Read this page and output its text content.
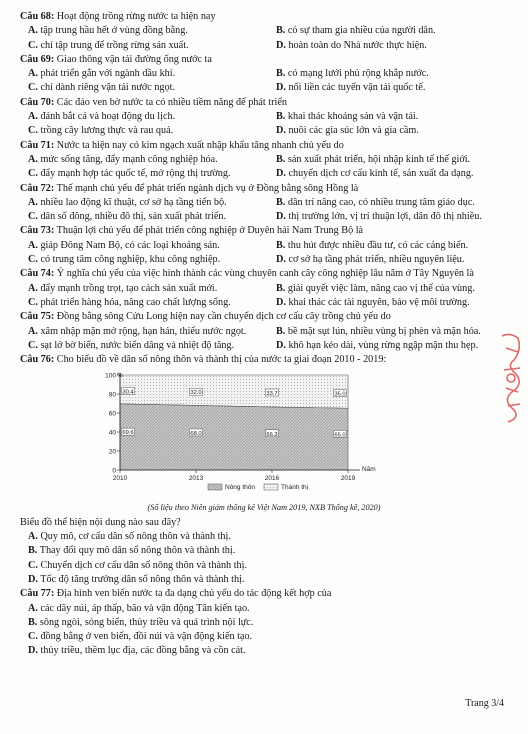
Câu 68: Hoạt động trồng rừng nước ta hiện nay

A. tập trung hầu hết ở vùng đồng bằng.	B. có sự tham gia nhiều của người dân.
C. chỉ tập trung để trồng rừng sản xuất.	D. hoàn toàn do Nhà nước thực hiện.

Câu 69: Giao thông vận tải đường ống nước ta

A. phát triển gắn với ngành dầu khí.	B. có mạng lưới phủ rộng khắp nước.
C. chỉ dành riêng vận tải nước ngọt.	D. nối liền các tuyến vận tải quốc tế.

Câu 70: Các đảo ven bờ nước ta có nhiều tiềm năng để phát triển

A. đánh bắt cá và hoạt động du lịch.	B. khai thác khoáng sản và vận tải.
C. trồng cây lương thực và rau quả.	D. nuôi các gia súc lớn và gia cầm.

Câu 71: Nước ta hiện nay có kim ngạch xuất nhập khẩu tăng nhanh chủ yếu do

A. mức sống tăng, đẩy mạnh công nghiệp hóa.	B. sản xuất phát triển, hội nhập kinh tế thế giới.
C. đẩy mạnh hợp tác quốc tế, mở rộng thị trường.	D. chuyển dịch cơ cấu kinh tế, sản xuất đa dạng.

Câu 72: Thế mạnh chủ yếu để phát triển ngành dịch vụ ở Đồng bằng sông Hồng là

A. nhiều lao động kĩ thuật, cơ sở hạ tầng tiến bộ.	B. dân trí nâng cao, có nhiều trung tâm giáo dục.
C. dân số đông, nhiều đô thị, sản xuất phát triển.	D. thị trường lớn, vị trí thuận lợi, dân đô thị nhiều.

Câu 73: Thuận lợi chủ yếu để phát triển công nghiệp ở Duyên hải Nam Trung Bộ là

A. giáp Đông Nam Bộ, có các loại khoáng sản.	B. thu hút được nhiều đầu tư, có các cảng biển.
C. có trung tâm công nghiệp, khu công nghiệp.	D. cơ sở hạ tầng phát triển, nhiều nguyên liệu.

Câu 74: Ý nghĩa chủ yếu của việc hình thành các vùng chuyên canh cây công nghiệp lâu năm ở Tây Nguyên là

A. đẩy mạnh trồng trọt, tạo cách sản xuất mới.	B. giải quyết việc làm, nâng cao vị thế của vùng.
C. phát triển hàng hóa, nâng cao chất lượng sống.	D. khai thác các tài nguyên, bảo vệ môi trường.

Câu 75: Đồng bằng sông Cửu Long hiện nay cần chuyển dịch cơ cấu cây trồng chủ yếu do

A. xâm nhập mặn mở rộng, hạn hán, thiếu nước ngọt.	B. bề mặt sụt lún, nhiều vùng bị phèn và mặn hóa.
C. sạt lở bờ biển, nước biển dâng và nhiệt độ tăng.	D. khô hạn kéo dài, vùng rừng ngập mặn thu hẹp.

Câu 76: Cho biểu đồ về dân số nông thôn và thành thị của nước ta giai đoạn 2010 - 2019:

0
20
40
60
80
100 %
2010	2013	2016	2019
Năm
30.4
69.6
32.0
68.0
33.7
66.3
35.0
65.0
Nông thôn	Thành thị
(Số liệu theo Niên giám thống kê Việt Nam 2019, NXB Thống kê, 2020)

Biểu đồ thể hiện nội dung nào sau đây?

A. Quy mô, cơ cấu dân số nông thôn và thành thị.
B. Thay đổi quy mô dân số nông thôn và thành thị.
C. Chuyển dịch cơ cấu dân số nông thôn và thành thị.
D. Tốc độ tăng trưởng dân số nông thôn và thành thị.

Câu 77: Địa hình ven biển nước ta đa dạng chủ yếu do tác động kết hợp của

A. các dãy núi, áp thấp, bão và vận động Tân kiến tạo.
B. sông ngòi, sóng biển, thủy triều và quá trình nội lực.
C. đồng bằng ở ven biển, đồi núi và vận động kiến tạo.
D. thủy triều, thềm lục địa, các đồng bằng và cồn cát.
Trang 3/4
